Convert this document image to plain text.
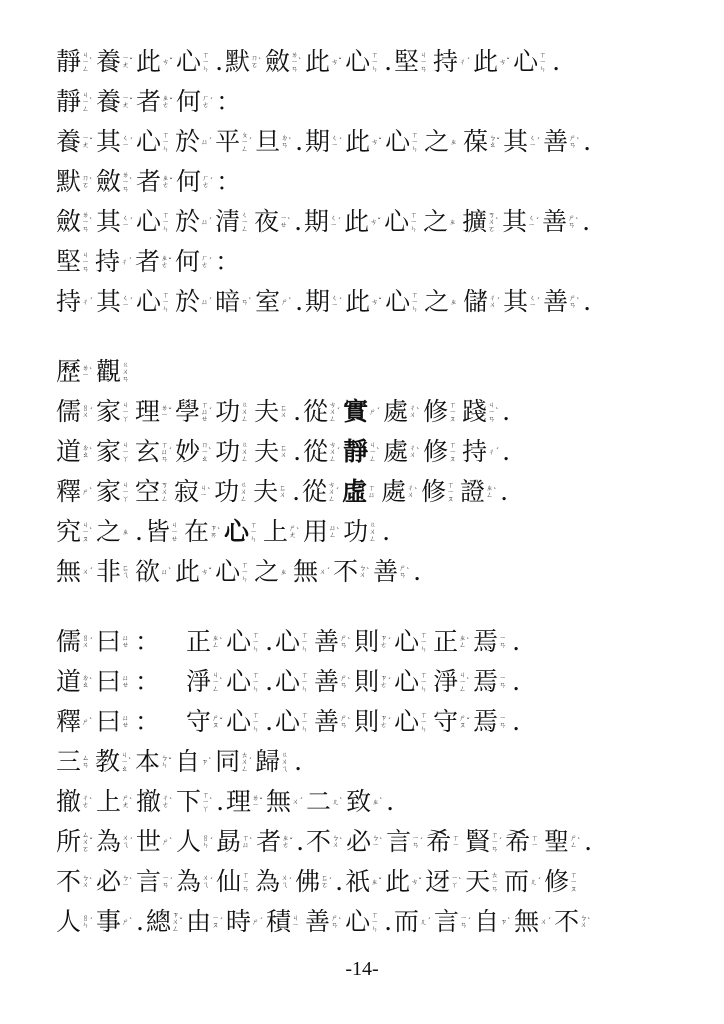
靜 ㄐ
ㄧ
ㄥ
ˋ 養 ㄧ
ㄤ ˇ 此 ㄘ ˇ 心 ㄒ
ㄧ
ㄣ . 默 ㄇ
ㄛ ˋ 斂 ㄌ
ㄧ
ㄢ
ˋ 此 ㄘ ˇ 心 ㄒ
ㄧ
ㄣ . 堅 ㄐ
ㄧ
ㄢ 持 ㄔ ˊ 此 ㄘ ˇ 心 ㄒ
ㄧ
ㄣ .
靜 ㄐ
ㄧ
ㄥ
ˋ 養 ㄧ
ㄤ ˇ 者 ㄓ
ㄜ ˇ 何 ㄏ
ㄜ ˊ ：
養 ㄧ
ㄤ ˇ 其 ㄑ
ㄧ ˊ 心 ㄒ
ㄧ
ㄣ 於 ㄩ ˊ 平 ㄆ
ㄧ
ㄥ
ˊ 旦 ㄉ
ㄢ ˋ . 期 ㄑ
ㄧ ˊ 此 ㄘ ˇ 心 ㄒ
ㄧ
ㄣ 之 ㄓ 葆 ㄅ
ㄠ ˇ 其 ㄑ
ㄧ ˊ 善 ㄕ
ㄢ ˋ .
默 ㄇ
ㄛ ˋ 斂 ㄌ
ㄧ
ㄢ
ˋ 者 ㄓ
ㄜ ˇ 何 ㄏ
ㄜ ˊ ：
斂 ㄌ
ㄧ
ㄢ
ˋ 其 ㄑ
ㄧ ˊ 心 ㄒ
ㄧ
ㄣ 於 ㄩ ˊ 清 ㄑ
ㄧ
ㄥ 夜 ㄧ
ㄝ ˋ . 期 ㄑ
ㄧ ˊ 此 ㄘ ˇ 心 ㄒ
ㄧ
ㄣ 之 ㄓ 擴 ㄎ
ㄨ
ㄛ
ˋ 其 ㄑ
ㄧ ˊ 善 ㄕ
ㄢ ˋ .
堅 ㄐ
ㄧ
ㄢ 持 ㄔ ˊ 者 ㄓ
ㄜ ˇ 何 ㄏ
ㄜ ˊ ：
持 ㄔ ˊ 其 ㄑ
ㄧ ˊ 心 ㄒ
ㄧ
ㄣ 於 ㄩ ˊ 暗 ㄢ ˋ 室 ㄕ ˋ . 期 ㄑ
ㄧ ˊ 此 ㄘ ˇ 心 ㄒ
ㄧ
ㄣ 之 ㄓ 儲 ㄔ
ㄨ ˊ 其 ㄑ
ㄧ ˊ 善 ㄕ
ㄢ ˋ .
歷 ㄌ
ㄧ ˋ 觀 ㄍ
ㄨ
ㄢ
儒 ㄖ
ㄨ ˊ 家 ㄐ
ㄧ
ㄚ 理 ㄌ
ㄧ ˇ 學 ㄒ
ㄩ
ㄝ
ˊ 功 ㄍ
ㄨ
ㄥ 夫 ㄈ
ㄨ . 從 ㄘ
ㄨ
ㄥ
ˊ 實 ㄕ ˊ 處 ㄔ
ㄨ ˋ 修 ㄒ
ㄧ
ㄡ 踐 ㄐ
ㄧ
ㄢ
ˋ .
道 ㄉ
ㄠ ˋ 家 ㄐ
ㄧ
ㄚ 玄 ㄒ
ㄩ
ㄢ
ˊ 妙 ㄇ
ㄧ
ㄠ
ˋ 功 ㄍ
ㄨ
ㄥ 夫 ㄈ
ㄨ . 從 ㄘ
ㄨ
ㄥ
ˊ 靜 ㄐ
ㄧ
ㄥ
ˋ 處 ㄔ
ㄨ ˋ 修 ㄒ
ㄧ
ㄡ 持 ㄔ ˊ .
釋 ㄕ ˋ 家 ㄐ
ㄧ
ㄚ 空 ㄎ
ㄨ
ㄥ 寂 ㄐ
ㄧ ˋ 功 ㄍ
ㄨ
ㄥ 夫 ㄈ
ㄨ . 從 ㄘ
ㄨ
ㄥ
ˊ 虛 ㄒ
ㄩ 處 ㄔ
ㄨ ˋ 修 ㄒ
ㄧ
ㄡ 證 ㄓ
ㄥ ˋ .
究 ㄐ
ㄧ
ㄡ
ˋ 之 ㄓ . 皆 ㄐ
ㄧ
ㄝ 在 ㄗ
ㄞ ˋ 心 ㄒ
ㄧ
ㄣ 上 ㄕ
ㄤ ˋ 用 ㄩ
ㄥ ˋ 功 ㄍ
ㄨ
ㄥ .
無 ㄨ ˊ 非 ㄈ
ㄟ 欲 ㄩ ˋ 此 ㄘ ˇ 心 ㄒ
ㄧ
ㄣ 之 ㄓ 無 ㄨ ˊ 不 ㄅ
ㄨ ˋ 善 ㄕ
ㄢ ˋ .
儒 ㄖ
ㄨ ˊ 曰 ㄩ
ㄝ ： 正 ㄓ
ㄥ ˋ 心 ㄒ
ㄧ
ㄣ . 心 ㄒ
ㄧ
ㄣ 善 ㄕ
ㄢ ˋ 則 ㄗ
ㄜ ˊ 心 ㄒ
ㄧ
ㄣ 正 ㄓ
ㄥ ˋ 焉 ㄧ
ㄢ .
道 ㄉ
ㄠ ˋ 曰 ㄩ
ㄝ ： 淨 ㄐ
ㄧ
ㄥ
ˋ 心 ㄒ
ㄧ
ㄣ . 心 ㄒ
ㄧ
ㄣ 善 ㄕ
ㄢ ˋ 則 ㄗ
ㄜ ˊ 心 ㄒ
ㄧ
ㄣ 淨 ㄐ
ㄧ
ㄥ
ˋ 焉 ㄧ
ㄢ .
釋 ㄕ ˋ 曰 ㄩ
ㄝ ： 守 ㄕ
ㄡ ˇ 心 ㄒ
ㄧ
ㄣ . 心 ㄒ
ㄧ
ㄣ 善 ㄕ
ㄢ ˋ 則 ㄗ
ㄜ ˊ 心 ㄒ
ㄧ
ㄣ 守 ㄕ
ㄡ ˇ 焉 ㄧ
ㄢ .
三 ㄙ
ㄢ 教 ㄐ
ㄧ
ㄠ
ˋ 本 ㄅ
ㄣ ˇ 自 ㄗ ˋ 同 ㄊ
ㄨ
ㄥ
ˊ 歸 ㄍ
ㄨ
ㄟ .
撤 ㄔ
ㄜ ˋ 上 ㄕ
ㄤ ˋ 撤 ㄔ
ㄜ ˋ 下 ㄒ
ㄧ
ㄚ
ˋ . 理 ㄌ
ㄧ ˇ 無 ㄨ ˊ 二 ㄦ ˋ 致 ㄓ ˋ .
所 ㄙ
ㄨ
ㄛ
ˇ 為 ㄨ
ㄟ ˊ 世 ㄕ ˋ 人 ㄖ
ㄣ ˊ 勗 ㄒ
ㄩ ˋ 者 ㄓ
ㄜ ˇ . 不 ㄅ
ㄨ ˋ 必 ㄅ
ㄧ ˋ 言 ㄧ
ㄢ ˊ 希 ㄒ
ㄧ 賢 ㄒ
ㄧ
ㄢ
ˊ 希 ㄒ
ㄧ 聖 ㄕ
ㄥ ˋ .
不 ㄅ
ㄨ ˋ 必 ㄅ
ㄧ ˋ 言 ㄧ
ㄢ ˊ 為 ㄨ
ㄟ ˊ 仙 ㄒ
ㄧ
ㄢ 為 ㄨ
ㄟ ˊ 佛 ㄈ
ㄛ ˊ . 祇 ㄓ ˇ 此 ㄘ ˇ 迓 ㄧ
ㄚ ˋ 天 ㄊ
ㄧ
ㄢ 而 ㄦ ˊ 修 ㄒ
ㄧ
ㄡ
人 ㄖ
ㄣ ˊ 事 ㄕ ˋ . 總 ㄗ
ㄨ
ㄥ
ˇ 由 ㄧ
ㄡ ˊ 時 ㄕ ˊ 積 ㄐ
ㄧ 善 ㄕ
ㄢ ˋ 心 ㄒ
ㄧ
ㄣ . 而 ㄦ ˊ 言 ㄧ
ㄢ ˊ 自 ㄗ ˋ 無 ㄨ ˊ 不 ㄅ
ㄨ ˋ
-14-
